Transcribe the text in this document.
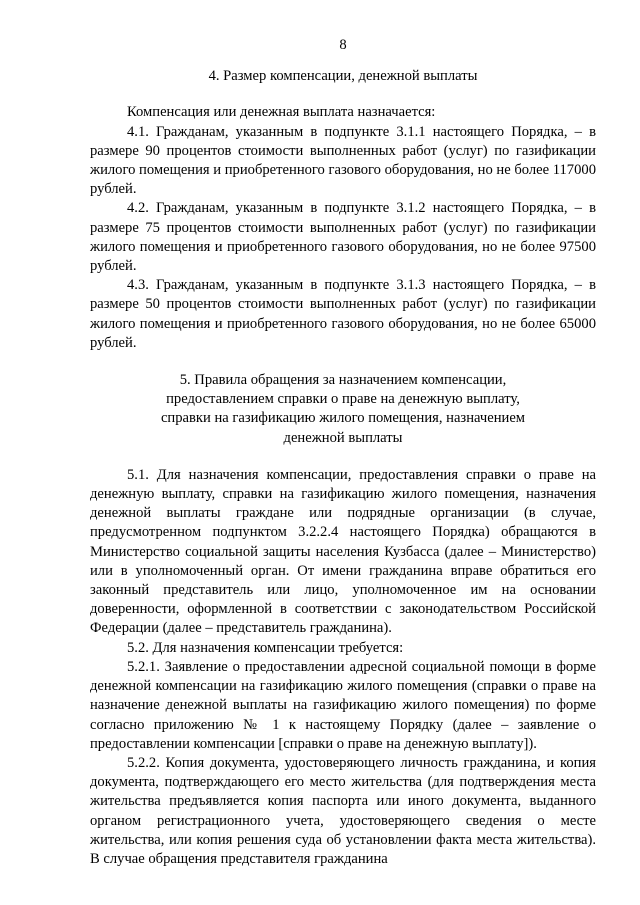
8

4. Размер компенсации, денежной выплаты

Компенсация или денежная выплата назначается:

4.1. Гражданам, указанным в подпункте 3.1.1 настоящего Порядка, – в размере 90 процентов стоимости выполненных работ (услуг) по газификации жилого помещения и приобретенного газового оборудования, но не более 117000 рублей.

4.2. Гражданам, указанным в подпункте 3.1.2 настоящего Порядка, – в размере 75 процентов стоимости выполненных работ (услуг) по газификации жилого помещения и приобретенного газового оборудования, но не более 97500 рублей.

4.3. Гражданам, указанным в подпункте 3.1.3 настоящего Порядка, – в размере 50 процентов стоимости выполненных работ (услуг) по газификации жилого помещения и приобретенного газового оборудования, но не более 65000 рублей.

5. Правила обращения за назначением компенсации,
предоставлением справки о праве на денежную выплату,
справки на газификацию жилого помещения, назначением
денежной выплаты

5.1. Для назначения компенсации, предоставления справки о праве на денежную выплату, справки на газификацию жилого помещения, назначения денежной выплаты граждане или подрядные организации (в случае, предусмотренном подпунктом 3.2.2.4 настоящего Порядка) обращаются в Министерство социальной защиты населения Кузбасса (далее – Министерство) или в уполномоченный орган. От имени гражданина вправе обратиться его законный представитель или лицо, уполномоченное им на основании доверенности, оформленной в соответствии с законодательством Российской Федерации (далее – представитель гражданина).

5.2. Для назначения компенсации требуется:

5.2.1. Заявление о предоставлении адресной социальной помощи в форме денежной компенсации на газификацию жилого помещения (справки о праве на назначение денежной выплаты на газификацию жилого помещения) по форме согласно приложению № 1 к настоящему Порядку (далее – заявление о предоставлении компенсации [справки о праве на денежную выплату]).

5.2.2. Копия документа, удостоверяющего личность гражданина, и копия документа, подтверждающего его место жительства (для подтверждения места жительства предъявляется копия паспорта или иного документа, выданного органом регистрационного учета, удостоверяющего сведения о месте жительства, или копия решения суда об установлении факта места жительства). В случае обращения представителя гражданина
